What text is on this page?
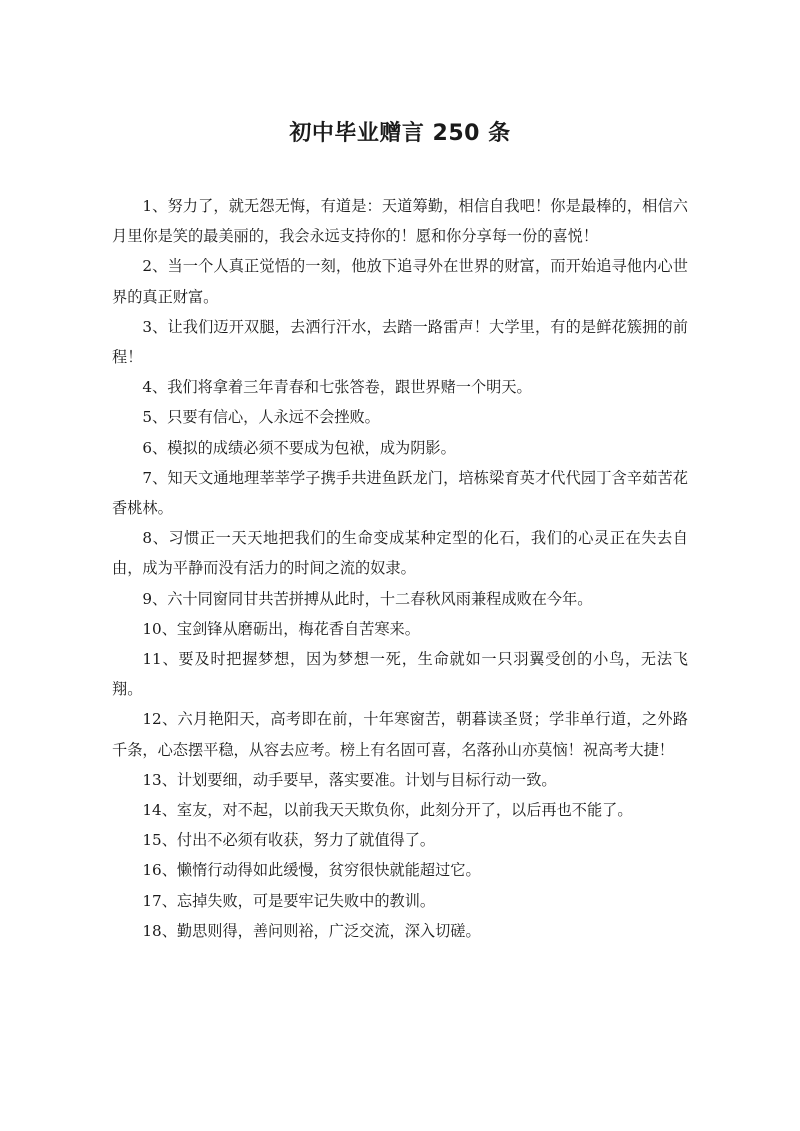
初中毕业赠言 250 条

1、努力了，就无怨无悔，有道是：天道筹勤，相信自我吧！你是最棒的，相信六月里你是笑的最美丽的，我会永远支持你的！愿和你分享每一份的喜悦！

2、当一个人真正觉悟的一刻，他放下追寻外在世界的财富，而开始追寻他内心世界的真正财富。

3、让我们迈开双腿，去洒行汗水，去踏一路雷声！大学里，有的是鲜花簇拥的前程！

4、我们将拿着三年青春和七张答卷，跟世界赌一个明天。

5、只要有信心，人永远不会挫败。

6、模拟的成绩必须不要成为包袱，成为阴影。

7、知天文通地理莘莘学子携手共进鱼跃龙门，培栋梁育英才代代园丁含辛茹苦花香桃林。

8、习惯正一天天地把我们的生命变成某种定型的化石，我们的心灵正在失去自由，成为平静而没有活力的时间之流的奴隶。

9、六十同窗同甘共苦拼搏从此时，十二春秋风雨兼程成败在今年。

10、宝剑锋从磨砺出，梅花香自苦寒来。

11、要及时把握梦想，因为梦想一死，生命就如一只羽翼受创的小鸟，无法飞翔。

12、六月艳阳天，高考即在前，十年寒窗苦，朝暮读圣贤；学非单行道，之外路千条，心态摆平稳，从容去应考。榜上有名固可喜，名落孙山亦莫恼！祝高考大捷！

13、计划要细，动手要早，落实要准。计划与目标行动一致。

14、室友，对不起，以前我天天欺负你，此刻分开了，以后再也不能了。

15、付出不必须有收获，努力了就值得了。

16、懒惰行动得如此缓慢，贫穷很快就能超过它。

17、忘掉失败，可是要牢记失败中的教训。

18、勤思则得，善问则裕，广泛交流，深入切磋。
